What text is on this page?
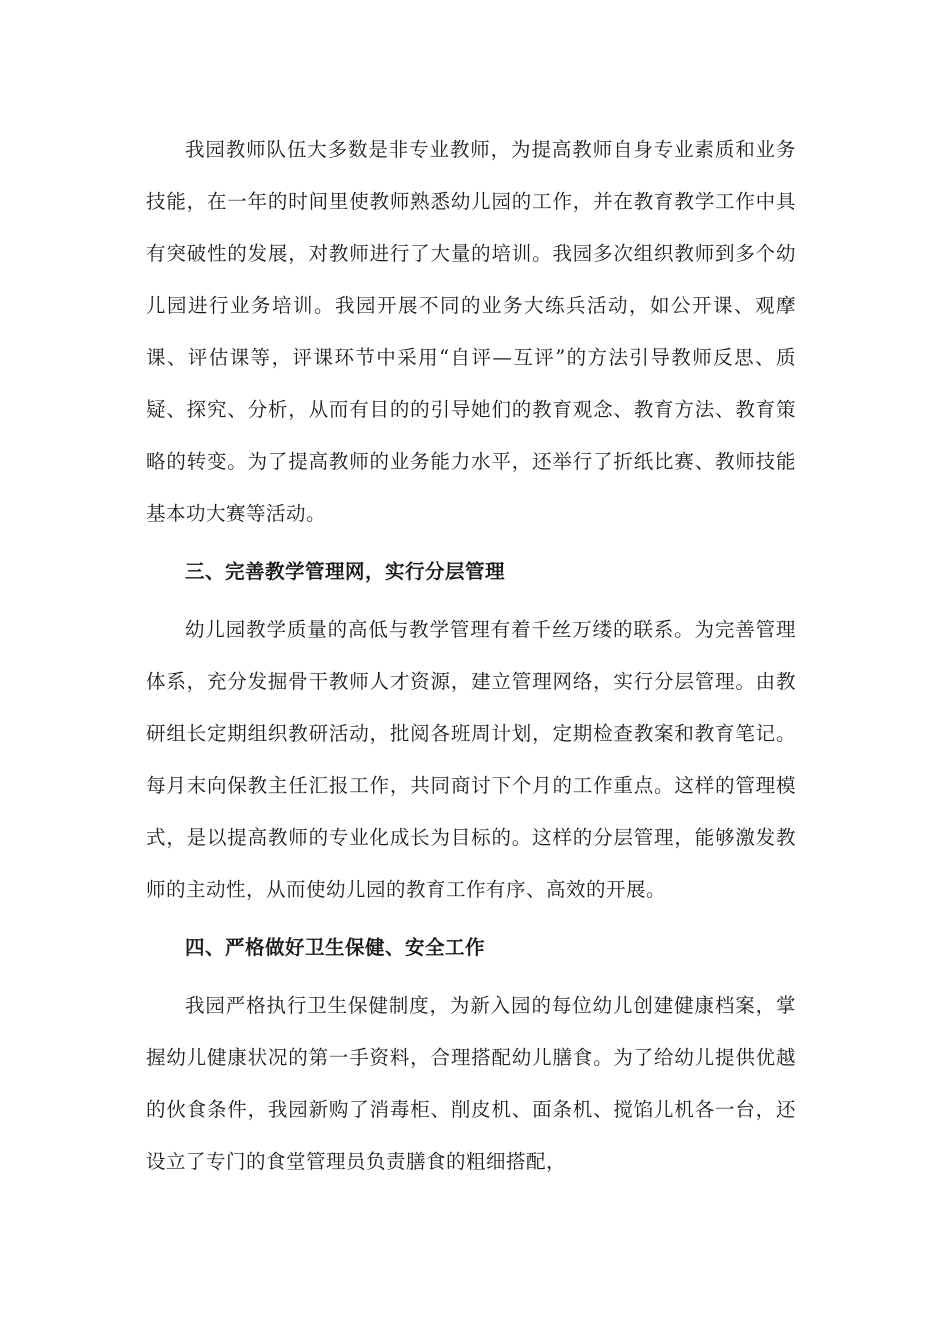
我园教师队伍大多数是非专业教师，为提高教师自身专业素质和业务技能，在一年的时间里使教师熟悉幼儿园的工作，并在教育教学工作中具有突破性的发展，对教师进行了大量的培训。我园多次组织教师到多个幼儿园进行业务培训。我园开展不同的业务大练兵活动，如公开课、观摩课、评估课等，评课环节中采用“自评—互评”的方法引导教师反思、质疑、探究、分析，从而有目的的引导她们的教育观念、教育方法、教育策略的转变。为了提高教师的业务能力水平，还举行了折纸比赛、教师技能基本功大赛等活动。

三、完善教学管理网，实行分层管理

幼儿园教学质量的高低与教学管理有着千丝万缕的联系。为完善管理体系，充分发掘骨干教师人才资源，建立管理网络，实行分层管理。由教研组长定期组织教研活动，批阅各班周计划，定期检查教案和教育笔记。每月末向保教主任汇报工作，共同商讨下个月的工作重点。这样的管理模式，是以提高教师的专业化成长为目标的。这样的分层管理，能够激发教师的主动性，从而使幼儿园的教育工作有序、高效的开展。

四、严格做好卫生保健、安全工作

我园严格执行卫生保健制度，为新入园的每位幼儿创建健康档案，掌握幼儿健康状况的第一手资料，合理搭配幼儿膳食。为了给幼儿提供优越的伙食条件，我园新购了消毒柜、削皮机、面条机、搅馅儿机各一台，还设立了专门的食堂管理员负责膳食的粗细搭配，
